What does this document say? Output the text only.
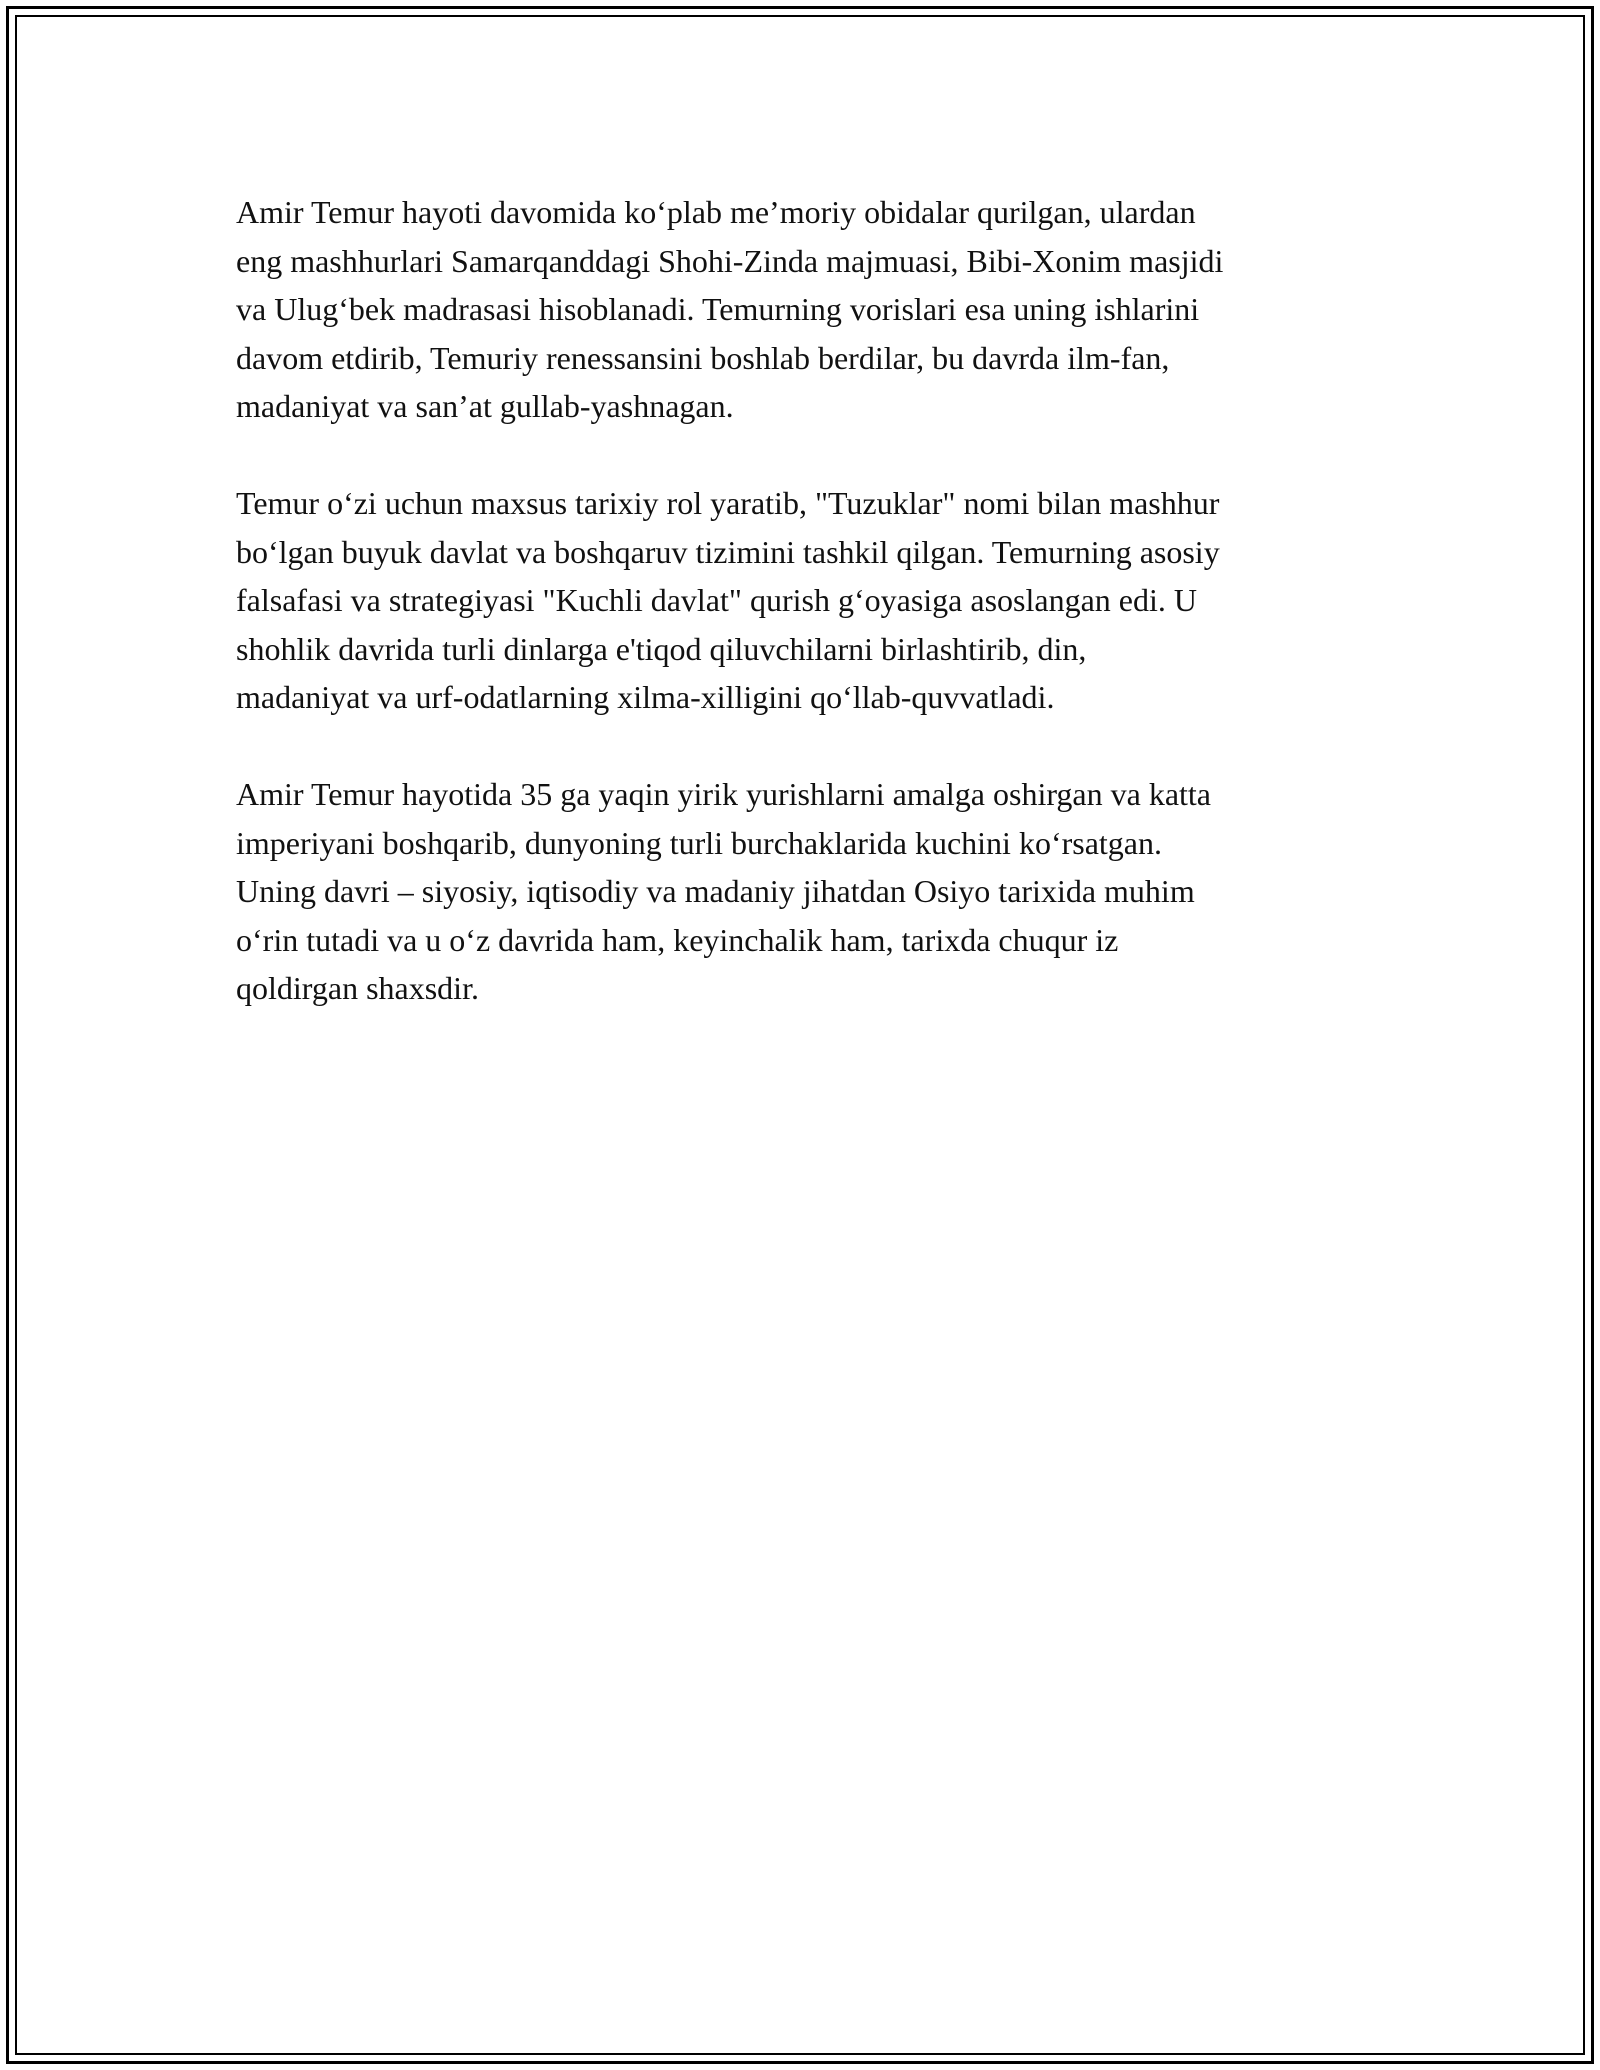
Amir Temur hayoti davomida koʻplab meʼmoriy obidalar qurilgan, ulardan
eng mashhurlari Samarqanddagi Shohi-Zinda majmuasi, Bibi-Xonim masjidi
va Ulugʻbek madrasasi hisoblanadi. Temurning vorislari esa uning ishlarini
davom etdirib, Temuriy renessansini boshlab berdilar, bu davrda ilm-fan,
madaniyat va sanʼat gullab-yashnagan.

Temur oʻzi uchun maxsus tarixiy rol yaratib, "Tuzuklar" nomi bilan mashhur
boʻlgan buyuk davlat va boshqaruv tizimini tashkil qilgan. Temurning asosiy
falsafasi va strategiyasi "Kuchli davlat" qurish gʻoyasiga asoslangan edi. U
shohlik davrida turli dinlarga e'tiqod qiluvchilarni birlashtirib, din,
madaniyat va urf-odatlarning xilma-xilligini qoʻllab-quvvatladi.

Amir Temur hayotida 35 ga yaqin yirik yurishlarni amalga oshirgan va katta
imperiyani boshqarib, dunyoning turli burchaklarida kuchini koʻrsatgan.
Uning davri – siyosiy, iqtisodiy va madaniy jihatdan Osiyo tarixida muhim
oʻrin tutadi va u oʻz davrida ham, keyinchalik ham, tarixda chuqur iz
qoldirgan shaxsdir.
